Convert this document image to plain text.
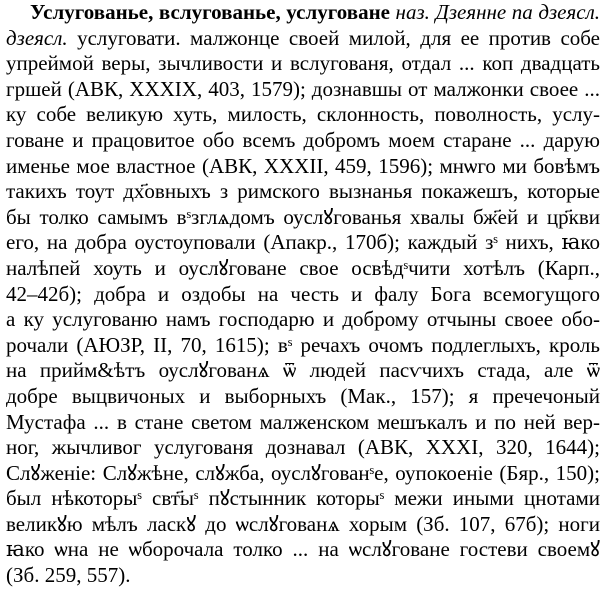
Услугованье, вслугованье, услуговане наз. Дзеянне па дзеясл.
дзеясл. услуговати. малжонце своей милой, для ее против собе
упреймой веры, зычливости и вслугованя, отдал ... коп двадцать
гршей (АВК, XXXIX, 403, 1579); дознавшы от малжонки своее ...
ку собе великую хуть, милость, склонность, поволность, услу-
говане и працовитое обо всемъ добромъ моем старане ... дарую
именье мое властное (АВК, XXXII, 459, 1596); мнѡго ми бовѣмъ
такихъ тоут дх҃овныхъ з римского вызнанья покажешъ, которые
бы толко самымъ вˢзглѧдомъ оуслꙋгованья хвалы бж҃ей и цр҃кви
его, на добра оустоуповали (Апакр., 170б); каждый зˢ нихъ, ꙗко
налѣпей хоуть и оуслꙋговане свое освѣдˢчити хотѣлъ (Карп.,
42–42б); добра и оздобы на честь и фалу Бога всемогущого
а ку услугованю намъ господарю и доброму отчыны своее обо-
рочали (АЮЗР, II, 70, 1615); вˢ речахъ очомъ подлеглыхъ, кроль
на прийм&ѣтъ оуслꙋгованѧ ѿ людей пасѵчихъ стада, але ѿ
добре выцвичоных и выборныхъ (Мак., 157); я пречечоный
Мустафа ... в стане светом малженском мешъкалъ и по ней вер-
ног, жычливог услугованя дознавал (АВК, XXXI, 320, 1644);
Слꙋженіе: Слꙋжѣне, слꙋжба, оуслꙋгованˢе, оупокоеніе (Бяр., 150);
был нѣкоторыˢ свт҃ыˢ пꙋстынник которыˢ межи иными цнотами
великꙋю мѣлъ ласкꙋ до ѡслꙋгованѧ хорым (Зб. 107, 67б); ноги
ꙗко ѡна не ѡборочала толко ... на ѡслꙋговане гостеви своемꙋ
(Зб. 259, 557).
